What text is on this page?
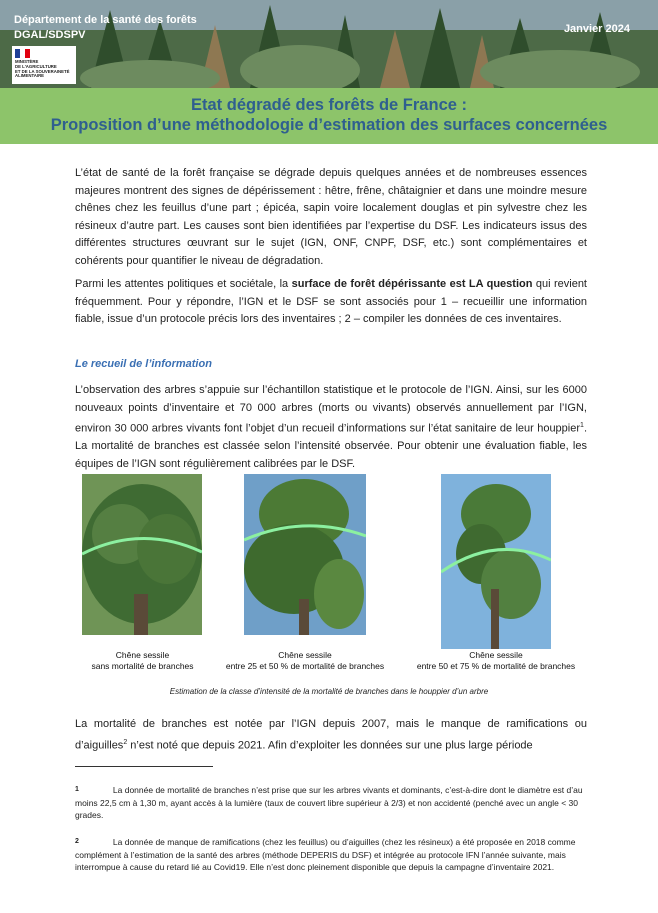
Département de la santé des forêts
DGAL/SDSPV	Janvier 2024
MINISTÈRE
DE L'AGRICULTURE
ET DE LA SOUVERAINETÉ
ALIMENTAIRE
Etat dégradé des forêts de France :
Proposition d’une méthodologie d’estimation des surfaces concernées
L’état de santé de la forêt française se dégrade depuis quelques années et de nombreuses essences majeures montrent des signes de dépérissement : hêtre, frêne, châtaignier et dans une moindre mesure chênes chez les feuillus d’une part ; épicéa, sapin voire localement douglas et pin sylvestre chez les résineux d’autre part. Les causes sont bien identifiées par l’expertise du DSF. Les indicateurs issus des différentes structures œuvrant sur le sujet (IGN, ONF, CNPF, DSF, etc.) sont complémentaires et cohérents pour quantifier le niveau de dégradation.
Parmi les attentes politiques et sociétale, la surface de forêt dépérissante est LA question qui revient fréquemment. Pour y répondre, l’IGN et le DSF se sont associés pour 1 – recueillir une information fiable, issue d’un protocole précis lors des inventaires ; 2 – compiler les données de ces inventaires.
Le recueil de l’information
L’observation des arbres s’appuie sur l’échantillon statistique et le protocole de l’IGN. Ainsi, sur les 6000 nouveaux points d’inventaire et 70 000 arbres (morts ou vivants) observés annuellement par l’IGN, environ 30 000 arbres vivants font l’objet d’un recueil d’informations sur l’état sanitaire de leur houppier$^1$. La mortalité de branches est classée selon l’intensité observée. Pour obtenir une évaluation fiable, les équipes de l’IGN sont régulièrement calibrées par le DSF.
Chêne sessile
sans mortalité de branches
Chêne sessile
entre 25 et 50 % de mortalité de branches
Chêne sessile
entre 50 et 75 % de mortalité de branches
Estimation de la classe d’intensité de la mortalité de branches dans le houppier d’un arbre
La mortalité de branches est notée par l’IGN depuis 2007, mais le manque de ramifications ou d’aiguilles$^2$ n’est noté que depuis 2021. Afin d’exploiter les données sur une plus large période
$^1$	La donnée de mortalité de branches n’est prise que sur les arbres vivants et dominants, c’est-à-dire dont le diamètre est d’au moins 22,5 cm à 1,30 m, ayant accès à la lumière (taux de couvert libre supérieur à 2/3) et non accidenté (penché avec un angle < 30 grades.
$^2$	La donnée de manque de ramifications (chez les feuillus) ou d’aiguilles (chez les résineux) a été proposée en 2018 comme complément à l’estimation de la santé des arbres (méthode DEPERIS du DSF) et intégrée au protocole IFN l’année suivante, mais interrompue à cause du retard lié au Covid19. Elle n’est donc pleinement disponible que depuis la campagne d’inventaire 2021.
